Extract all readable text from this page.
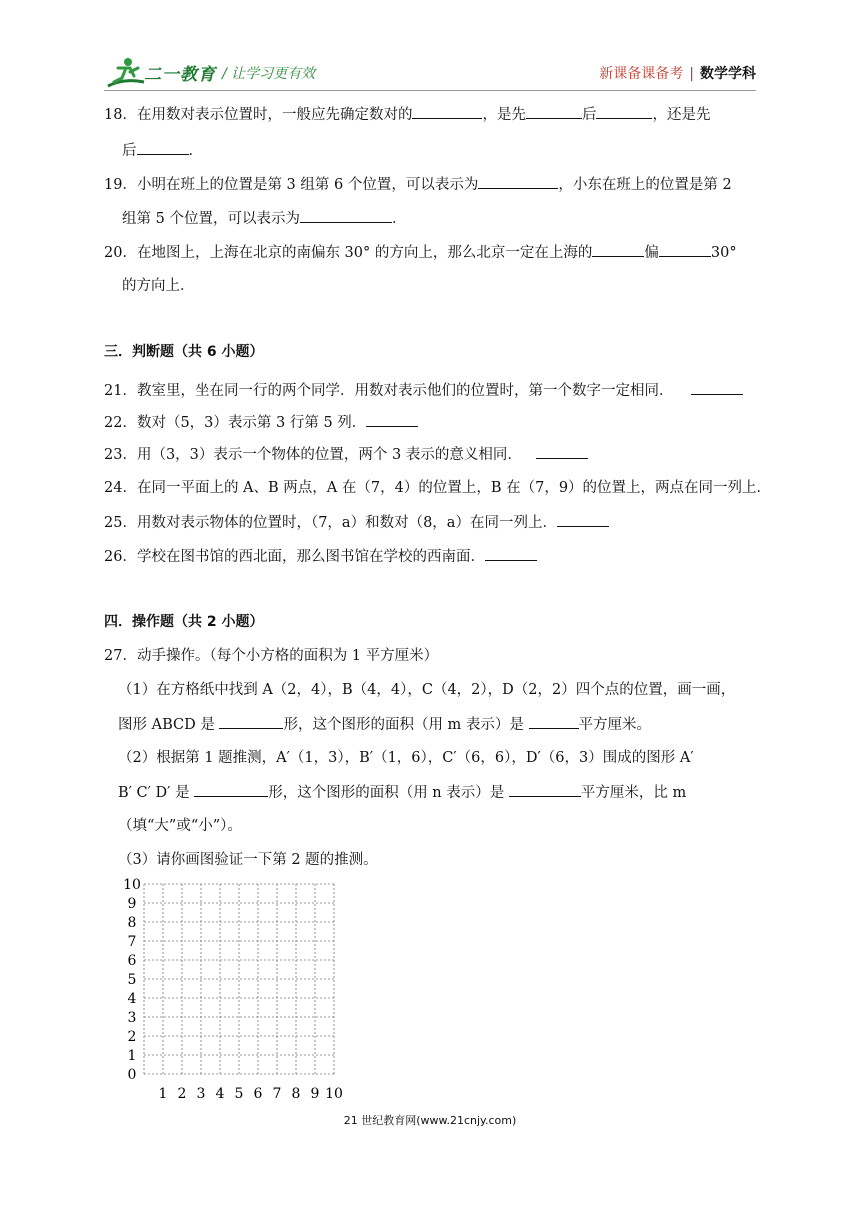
二一教育 / 让学习更有效	新课备课备考 | 数学学科
18．在用数对表示位置时，一般应先确定数对的	，是先	后	，还是先
后	．
19．小明在班上的位置是第 3 组第 6 个位置，可以表示为	，小东在班上的位置是第 2
组第 5 个位置，可以表示为	．
20．在地图上，上海在北京的南偏东 30° 的方向上，那么北京一定在上海的	偏	30°
的方向上．
三．判断题（共 6 小题）
21．教室里，坐在同一行的两个同学．用数对表示他们的位置时，第一个数字一定相同．
22．数对（5，3）表示第 3 行第 5 列．
23．用（3，3）表示一个物体的位置，两个 3 表示的意义相同．
24．在同一平面上的 A、B 两点，A 在（7，4）的位置上，B 在（7，9）的位置上，两点在同一列上．
25．用数对表示物体的位置时，（7，a）和数对（8，a）在同一列上．
26．学校在图书馆的西北面，那么图书馆在学校的西南面．
四．操作题（共 2 小题）
27．动手操作。（每个小方格的面积为 1 平方厘米）
（1）在方格纸中找到 A（2，4），B（4，4），C（4，2），D（2，2）四个点的位置，画一画，
图形 ABCD 是	形，这个图形的面积（用 m 表示）是	平方厘米。
（2）根据第 1 题推测，A′（1，3），B′（1，6），C′（6，6），D′（6，3）围成的图形 A′
B′ C′ D′ 是	形，这个图形的面积（用 n 表示）是	平方厘米，比 m
（填“大”或“小”）。
（3）请你画图验证一下第 2 题的推测。
10
9
8
7
6
5
4
3
2
1
0
1 2 3 4 5 6 7 8 9 10
21 世纪教育网(www.21cnjy.com)
